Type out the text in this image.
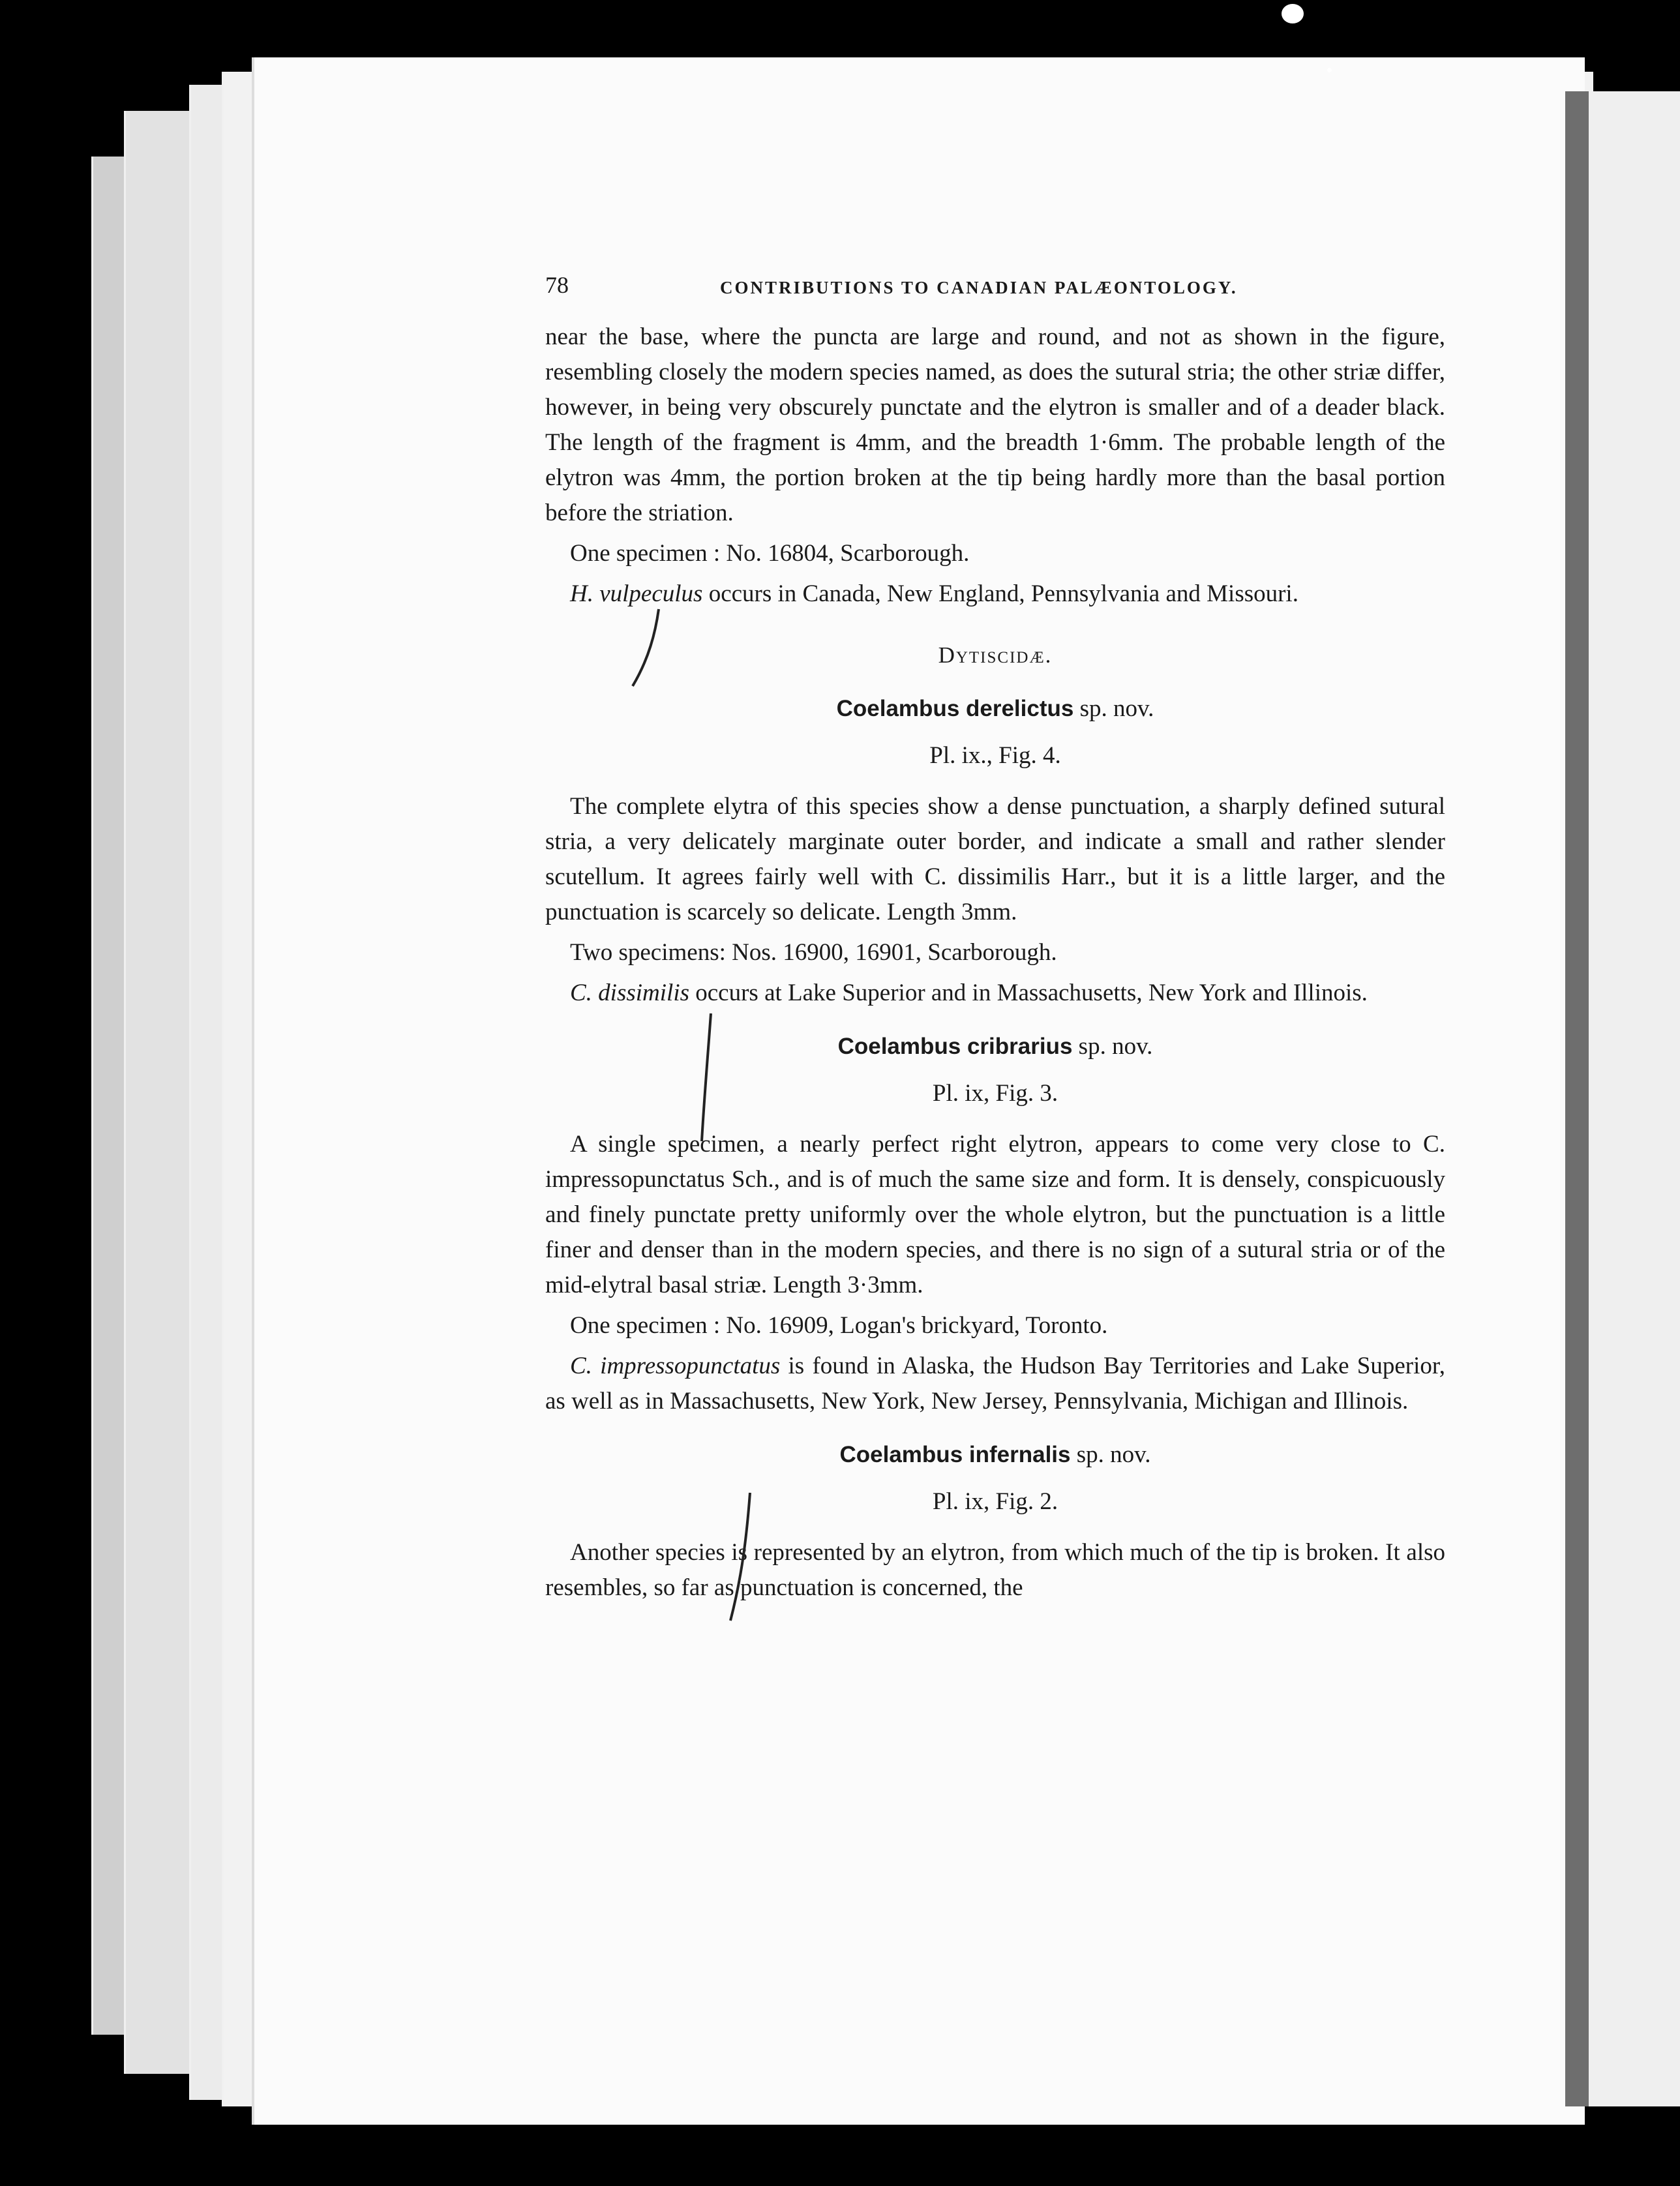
78	CONTRIBUTIONS TO CANADIAN PALÆONTOLOGY.

near the base, where the puncta are large and round, and not as shown in the figure, resembling closely the modern species named, as does the sutural stria; the other striæ differ, however, in being very obscurely punctate and the elytron is smaller and of a deader black. The length of the fragment is 4mm, and the breadth 1·6mm. The probable length of the elytron was 4mm, the portion broken at the tip being hardly more than the basal portion before the striation.

One specimen : No. 16804, Scarborough.

H. vulpeculus occurs in Canada, New England, Pennsylvania and Missouri.

Dytiscidæ.
Coelambus derelictus sp. nov.
Pl. ix., Fig. 4.

The complete elytra of this species show a dense punctuation, a sharply defined sutural stria, a very delicately marginate outer border, and indicate a small and rather slender scutellum. It agrees fairly well with C. dissimilis Harr., but it is a little larger, and the punctuation is scarcely so delicate. Length 3mm.

Two specimens: Nos. 16900, 16901, Scarborough.

C. dissimilis occurs at Lake Superior and in Massachusetts, New York and Illinois.

Coelambus cribrarius sp. nov.
Pl. ix, Fig. 3.

A single specimen, a nearly perfect right elytron, appears to come very close to C. impressopunctatus Sch., and is of much the same size and form. It is densely, conspicuously and finely punctate pretty uniformly over the whole elytron, but the punctuation is a little finer and denser than in the modern species, and there is no sign of a sutural stria or of the mid-elytral basal striæ. Length 3·3mm.

One specimen : No. 16909, Logan's brickyard, Toronto.

C. impressopunctatus is found in Alaska, the Hudson Bay Territories and Lake Superior, as well as in Massachusetts, New York, New Jersey, Pennsylvania, Michigan and Illinois.

Coelambus infernalis sp. nov.
Pl. ix, Fig. 2.

Another species is represented by an elytron, from which much of the tip is broken. It also resembles, so far as punctuation is concerned, the
